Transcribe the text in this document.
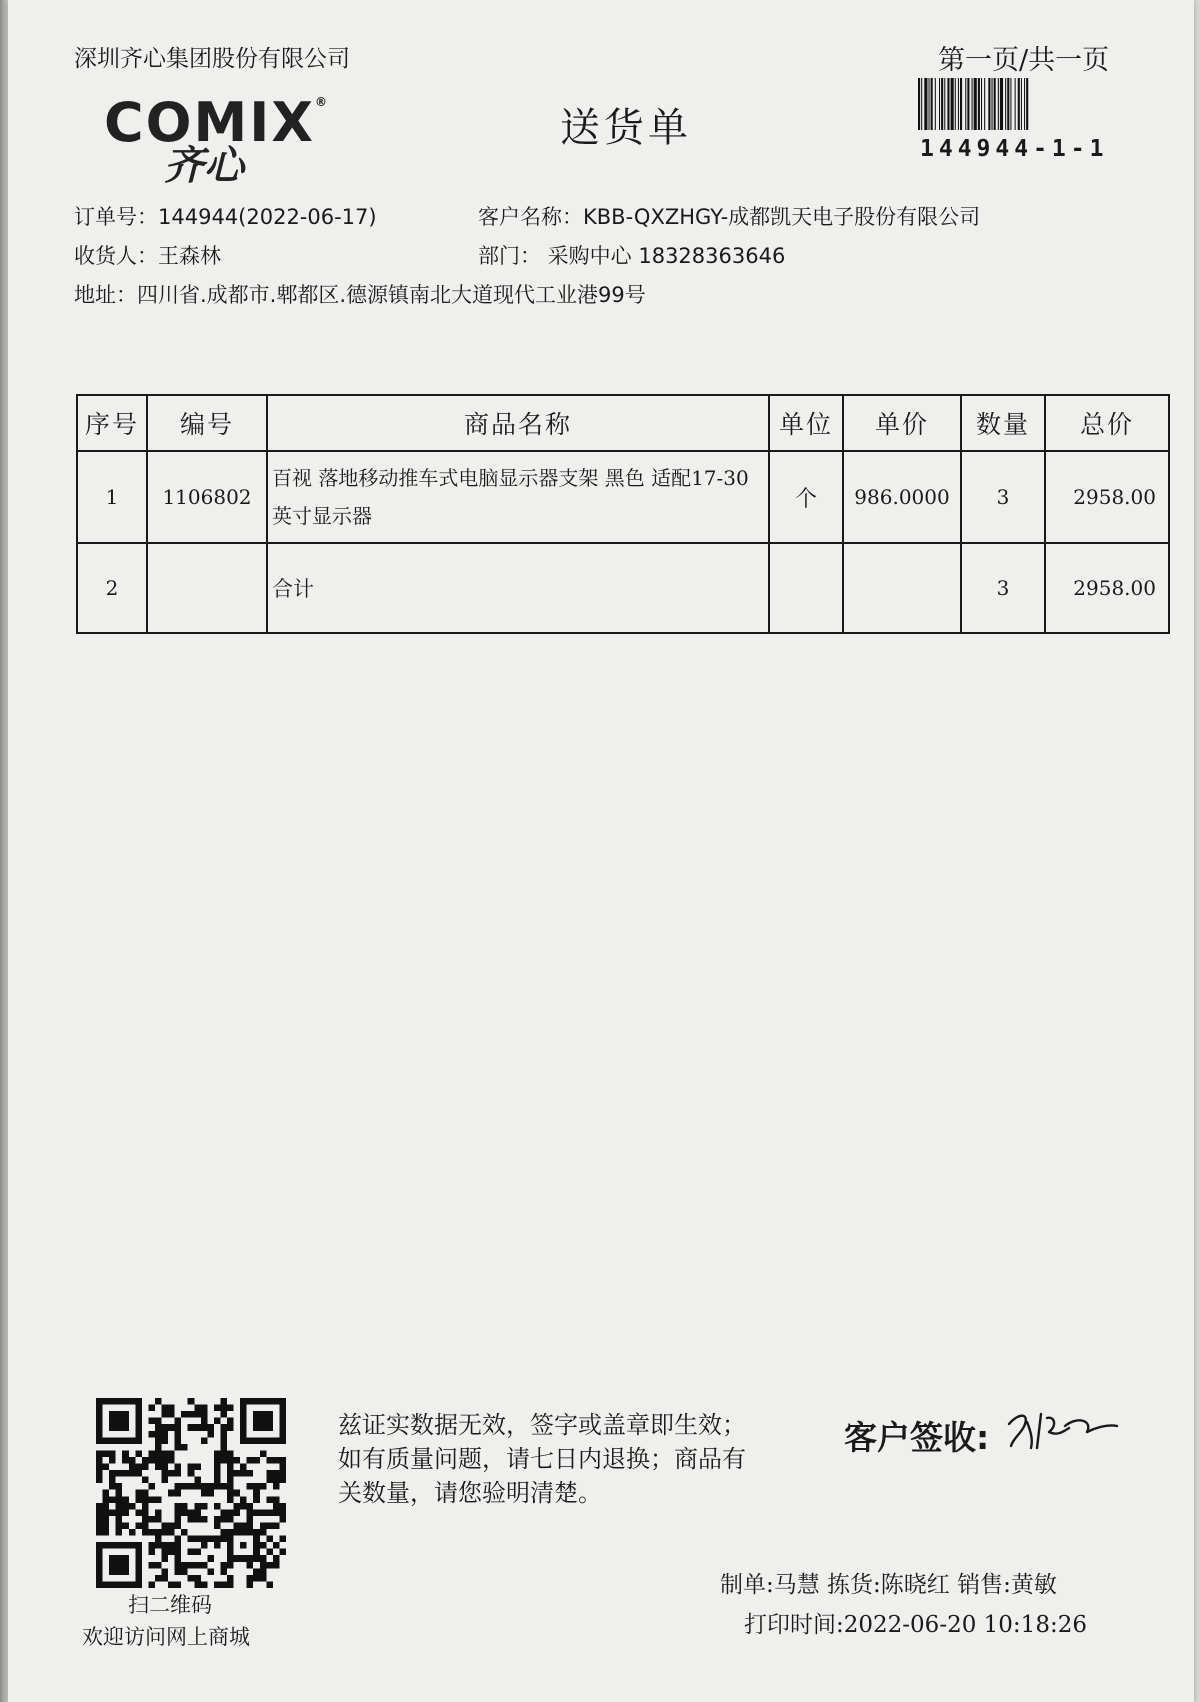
深圳齐心集团股份有限公司	第一页/共一页
COMIX®
齐心
送货单	144944-1-1
订单号：144944(2022-06-17)	客户名称：KBB-QXZHGY-成都凯天电子股份有限公司
收货人：王森林	部门： 采购中心 18328363646
地址：四川省.成都市.郫都区.德源镇南北大道现代工业港99号
序号	编号	商品名称	单位	单价	数量	总价
1	1106802	百视 落地移动推车式电脑显示器支架 黑色 适配17-30英寸显示器	个	986.0000	3	2958.00
2		合计			3	2958.00
扫二维码
欢迎访问网上商城
兹证实数据无效，签字或盖章即生效；如有质量问题，请七日内退换；商品有关数量，请您验明清楚。
客户签收:
制单:马慧 拣货:陈晓红 销售:黄敏
打印时间:2022-06-20 10:18:26
